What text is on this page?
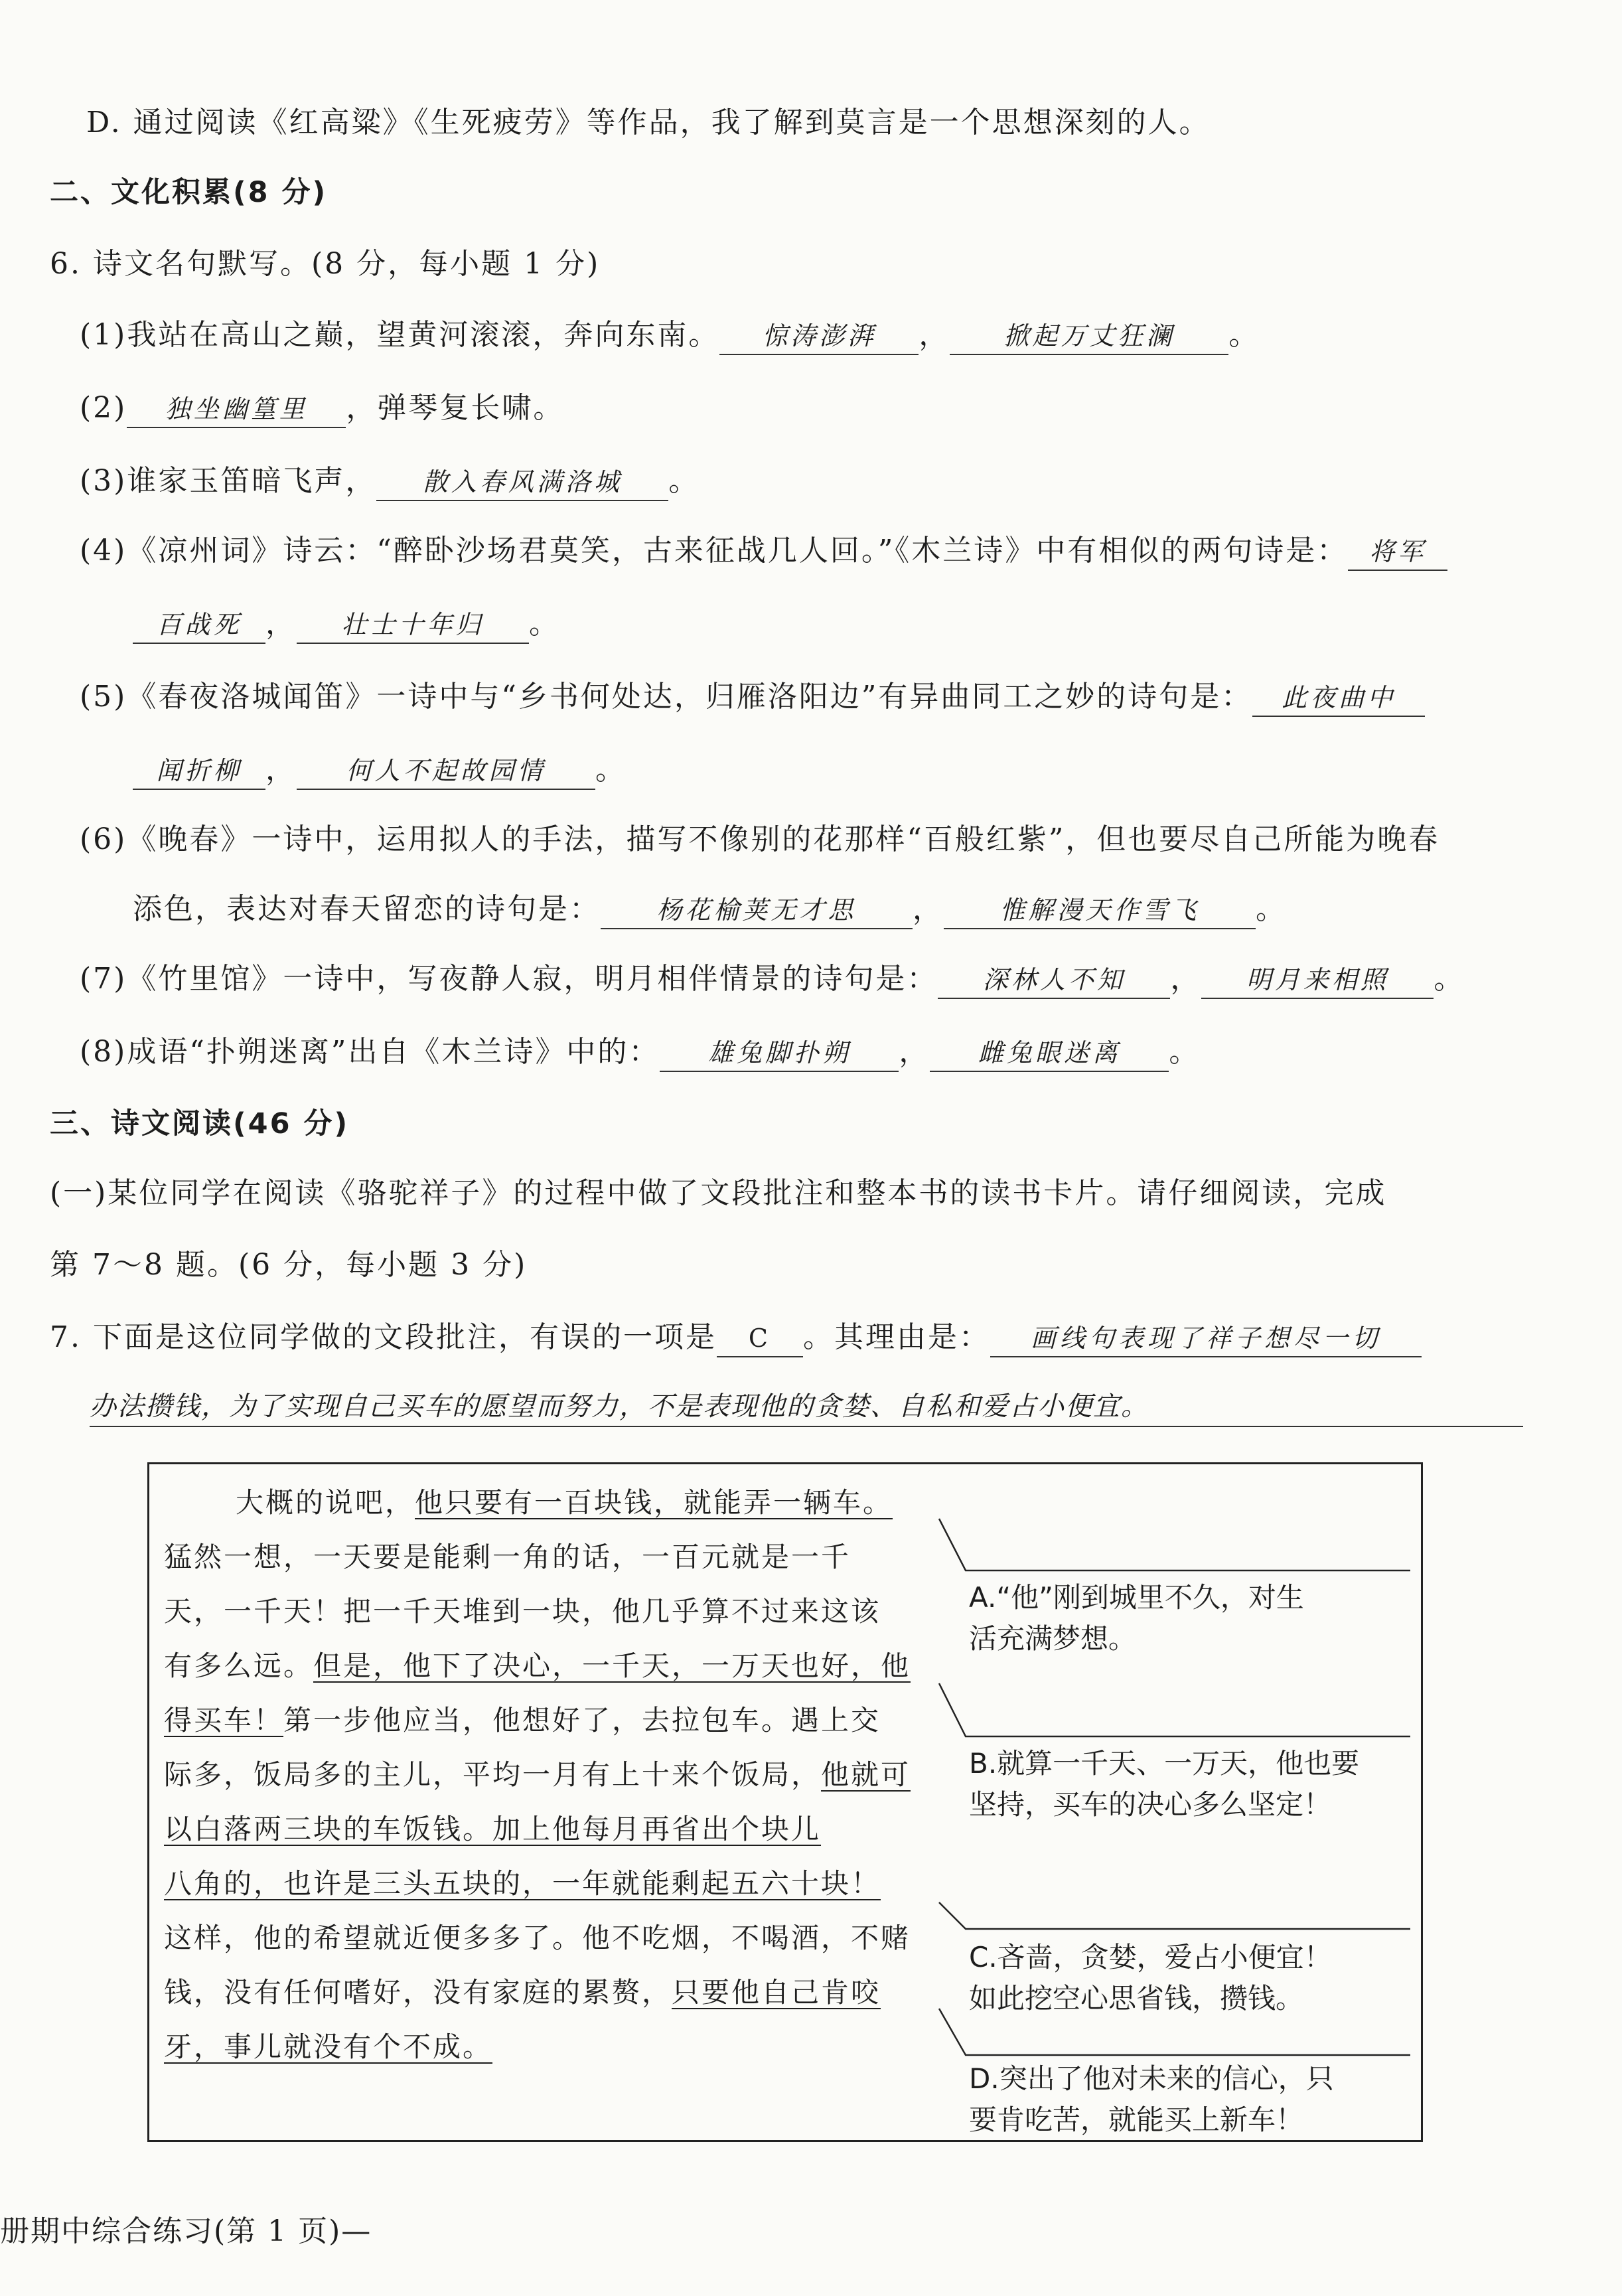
D. 通过阅读《红高粱》《生死疲劳》等作品，我了解到莫言是一个思想深刻的人。
二、文化积累(8 分)
6. 诗文名句默写。(8 分，每小题 1 分)
(1)我站在高山之巅，望黄河滚滚，奔向东南。 惊涛澎湃 ， 掀起万丈狂澜 。
(2) 独坐幽篁里 ，弹琴复长啸。
(3)谁家玉笛暗飞声， 散入春风满洛城 。
(4)《凉州词》诗云：“醉卧沙场君莫笑，古来征战几人回。”《木兰诗》中有相似的两句诗是： 将军
百战死 ， 壮士十年归 。
(5)《春夜洛城闻笛》一诗中与“乡书何处达，归雁洛阳边”有异曲同工之妙的诗句是： 此夜曲中
闻折柳 ， 何人不起故园情 。
(6)《晚春》一诗中，运用拟人的手法，描写不像别的花那样“百般红紫”，但也要尽自己所能为晚春
添色，表达对春天留恋的诗句是： 杨花榆荚无才思 ， 惟解漫天作雪飞 。
(7)《竹里馆》一诗中，写夜静人寂，明月相伴情景的诗句是： 深林人不知 ， 明月来相照 。
(8)成语“扑朔迷离”出自《木兰诗》中的： 雄兔脚扑朔 ， 雌兔眼迷离 。
三、诗文阅读(46 分)
(一)某位同学在阅读《骆驼祥子》的过程中做了文段批注和整本书的读书卡片。请仔细阅读，完成
第 7～8 题。(6 分，每小题 3 分)
7. 下面是这位同学做的文段批注，有误的一项是 C 。其理由是： 画线句表现了祥子想尽一切
办法攒钱，为了实现自己买车的愿望而努力，不是表现他的贪婪、自私和爱占小便宜。
大概的说吧，他只要有一百块钱，就能弄一辆车。
猛然一想，一天要是能剩一角的话，一百元就是一千
天，一千天！把一千天堆到一块，他几乎算不过来这该
有多么远。但是，他下了决心，一千天，一万天也好，他
得买车！第一步他应当，他想好了，去拉包车。遇上交
际多，饭局多的主儿，平均一月有上十来个饭局，他就可
以白落两三块的车饭钱。加上他每月再省出个块儿
八角的，也许是三头五块的，一年就能剩起五六十块！
这样，他的希望就近便多多了。他不吃烟，不喝酒，不赌
钱，没有任何嗜好，没有家庭的累赘，只要他自己肯咬
牙，事儿就没有个不成。
A.“他”刚到城里不久，对生
活充满梦想。
B.就算一千天、一万天，他也要
坚持，买车的决心多么坚定！
C.吝啬，贪婪，爱占小便宜！
如此挖空心思省钱，攒钱。
D.突出了他对未来的信心，只
要肯吃苦，就能买上新车！
册期中综合练习(第 1 页)—
